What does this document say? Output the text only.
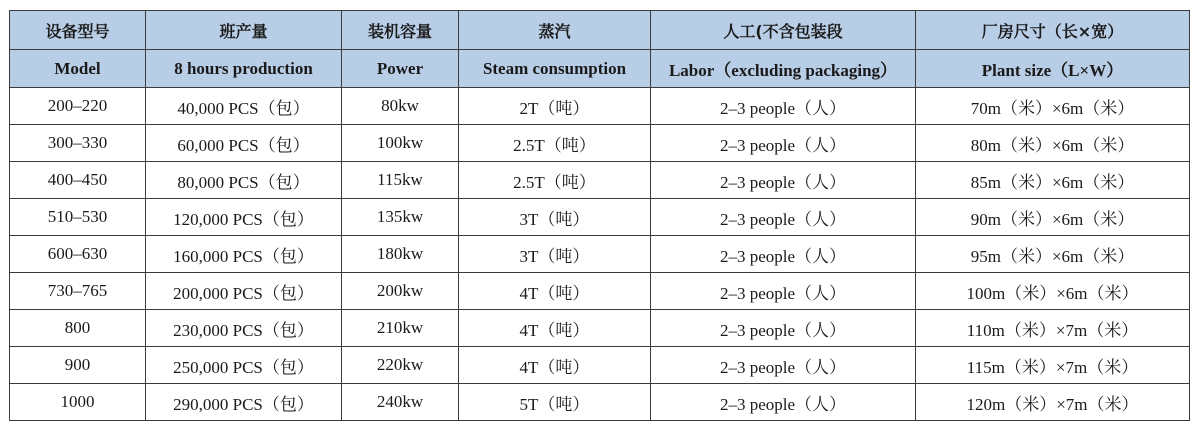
设备型号	班产量	装机容量	蒸汽	人工(不含包装段	厂房尺寸（长×宽）
Model	8 hours production	Power	Steam consumption	Labor（excluding packaging）	Plant size（L×W）
200–220	40,000 PCS（包）	80kw	2T（吨）	2–3 people（人）	70m（米）×6m（米）
300–330	60,000 PCS（包）	100kw	2.5T（吨）	2–3 people（人）	80m（米）×6m（米）
400–450	80,000 PCS（包）	115kw	2.5T（吨）	2–3 people（人）	85m（米）×6m（米）
510–530	120,000 PCS（包）	135kw	3T（吨）	2–3 people（人）	90m（米）×6m（米）
600–630	160,000 PCS（包）	180kw	3T（吨）	2–3 people（人）	95m（米）×6m（米）
730–765	200,000 PCS（包）	200kw	4T（吨）	2–3 people（人）	100m（米）×6m（米）
800	230,000 PCS（包）	210kw	4T（吨）	2–3 people（人）	110m（米）×7m（米）
900	250,000 PCS（包）	220kw	4T（吨）	2–3 people（人）	115m（米）×7m（米）
1000	290,000 PCS（包）	240kw	5T（吨）	2–3 people（人）	120m（米）×7m（米）
